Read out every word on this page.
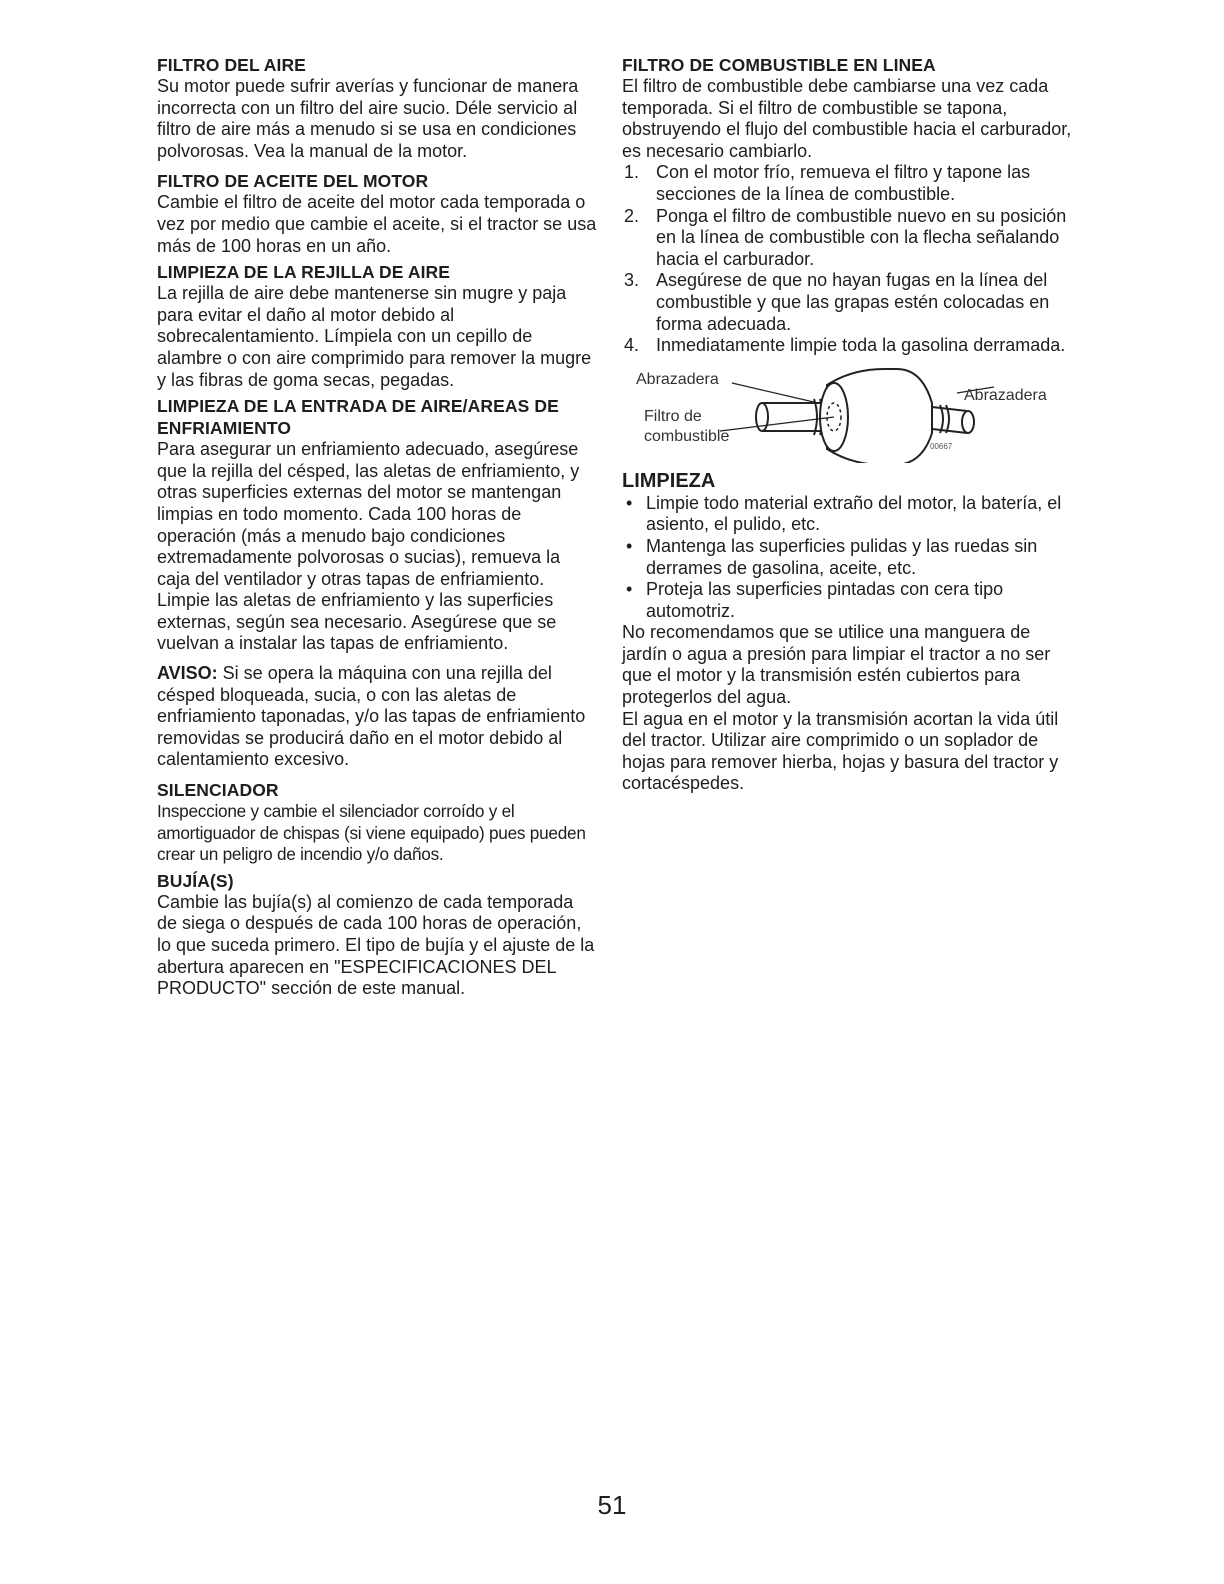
FILTRO DEL AIRE

Su motor puede sufrir averías y funcionar de manera incorrecta con un filtro del aire sucio. Déle servicio al filtro de aire más a menudo si se usa en condiciones polvorosas. Vea la manual de la motor.

FILTRO DE ACEITE DEL MOTOR

Cambie el filtro de aceite del motor cada temporada o vez por medio que cambie el aceite, si el tractor se usa más de 100 horas en un año.

LIMPIEZA DE LA REJILLA DE AIRE

La rejilla de aire debe mantenerse sin mugre y paja para evitar el daño al motor debido al sobrecalentamiento. Límpiela con un cepillo de alambre o con aire comprimido para remover la mugre y las fibras de goma secas, pegadas.

LIMPIEZA DE LA ENTRADA DE AIRE/AREAS DE ENFRIAMIENTO

Para asegurar un enfriamiento adecuado, asegúrese que la rejilla del césped, las aletas de enfriamiento, y otras superficies externas del motor se mantengan limpias en todo momento. Cada 100 horas de operación (más a menudo bajo condiciones extremadamente polvorosas o sucias), remueva la caja del ventilador y otras tapas de enfriamiento. Limpie las aletas de enfriamiento y las superficies externas, según sea necesario. Asegúrese que se vuelvan a instalar las tapas de enfriamiento.

AVISO: Si se opera la máquina con una rejilla del césped bloqueada, sucia, o con las aletas de enfriamiento taponadas, y/o las tapas de enfriamiento removidas se producirá daño en el motor debido al calentamiento excesivo.

SILENCIADOR

Inspeccione y cambie el silenciador corroído y el amortiguador de chispas (si viene equipado) pues pueden crear un peligro de incendio y/o daños.

BUJÍA(S)

Cambie las bujía(s) al comienzo de cada temporada de siega o después de cada 100 horas de operación, lo que suceda primero. El tipo de bujía y el ajuste de la abertura aparecen en "ESPECIFICACIONES DEL PRODUCTO" sección de este manual.

FILTRO DE COMBUSTIBLE EN LINEA

El filtro de combustible debe cambiarse una vez cada temporada. Si el filtro de combustible se tapona, obstruyendo el flujo del combustible hacia el carburador, es necesario cambiarlo.

1. Con el motor frío, remueva el filtro y tapone las secciones de la línea de combustible.
2. Ponga el filtro de combustible nuevo en su posición en la línea de combustible con la flecha señalando hacia el carburador.
3. Asegúrese de que no hayan fugas en la línea del combustible y que las grapas estén colocadas en forma adecuada.
4. Inmediatamente limpie toda la gasolina derramada.
Abrazadera
Abrazadera
Filtro de
combustible
00667
LIMPIEZA
• Limpie todo material extraño del motor, la batería, el asiento, el pulido, etc.
• Mantenga las superficies pulidas y las ruedas sin derrames de gasolina, aceite, etc.
• Proteja las superficies pintadas con cera tipo automotriz.

No recomendamos que se utilice una manguera de jardín o agua a presión para limpiar el tractor a no ser que el motor y la transmisión estén cubiertos para protegerlos del agua.

El agua en el motor y la transmisión acortan la vida útil del tractor. Utilizar aire comprimido o un soplador de hojas para remover hierba, hojas y basura del tractor y cortacéspedes.

51
